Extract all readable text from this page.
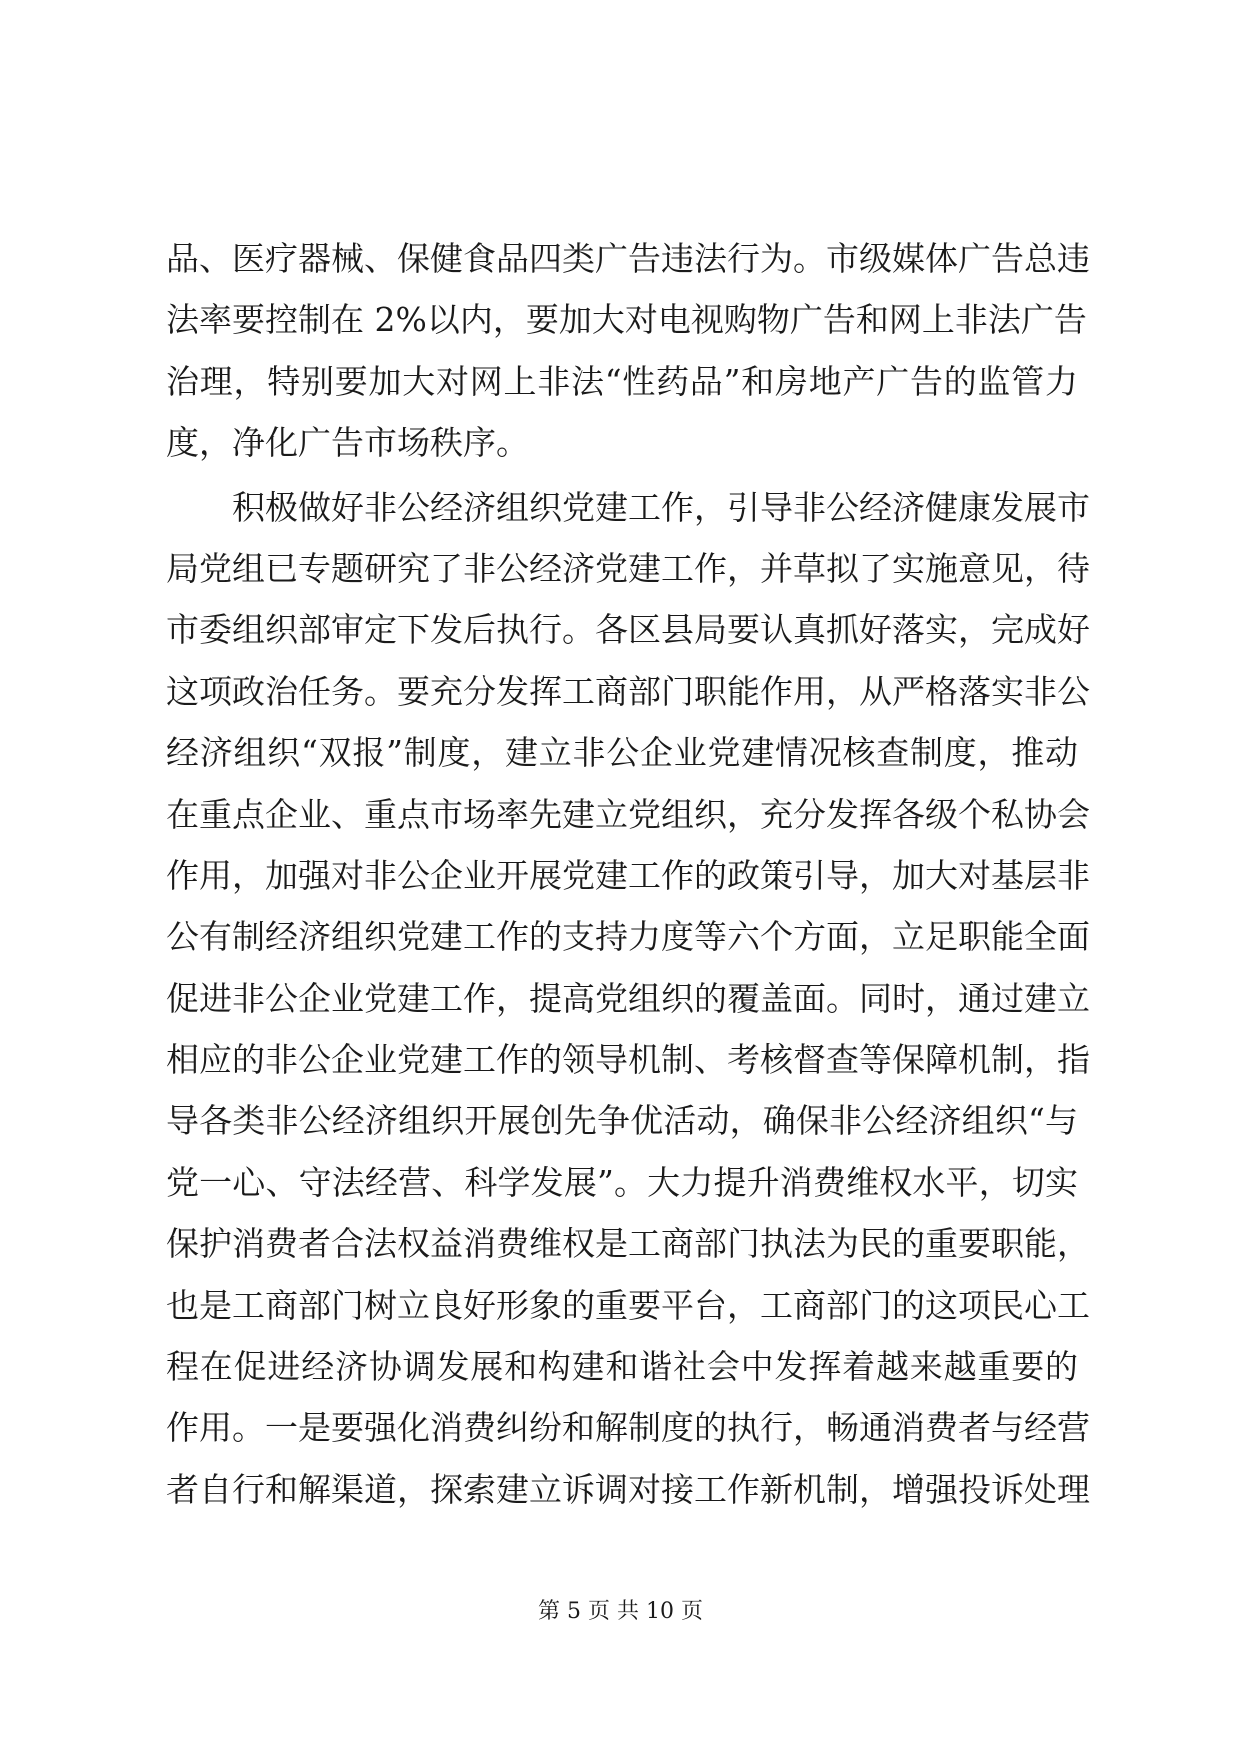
品、医疗器械、保健食品四类广告违法行为。市级媒体广告总违
法率要控制在 2%以内，要加大对电视购物广告和网上非法广告
治理，特别要加大对网上非法“性药品”和房地产广告的监管力
度，净化广告市场秩序。
积极做好非公经济组织党建工作，引导非公经济健康发展市
局党组已专题研究了非公经济党建工作，并草拟了实施意见，待
市委组织部审定下发后执行。各区县局要认真抓好落实，完成好
这项政治任务。要充分发挥工商部门职能作用，从严格落实非公
经济组织“双报”制度，建立非公企业党建情况核查制度，推动
在重点企业、重点市场率先建立党组织，充分发挥各级个私协会
作用，加强对非公企业开展党建工作的政策引导，加大对基层非
公有制经济组织党建工作的支持力度等六个方面，立足职能全面
促进非公企业党建工作，提高党组织的覆盖面。同时，通过建立
相应的非公企业党建工作的领导机制、考核督查等保障机制，指
导各类非公经济组织开展创先争优活动，确保非公经济组织“与
党一心、守法经营、科学发展”。大力提升消费维权水平，切实
保护消费者合法权益消费维权是工商部门执法为民的重要职能，
也是工商部门树立良好形象的重要平台，工商部门的这项民心工
程在促进经济协调发展和构建和谐社会中发挥着越来越重要的
作用。一是要强化消费纠纷和解制度的执行，畅通消费者与经营
者自行和解渠道，探索建立诉调对接工作新机制，增强投诉处理
第 5 页 共 10 页
